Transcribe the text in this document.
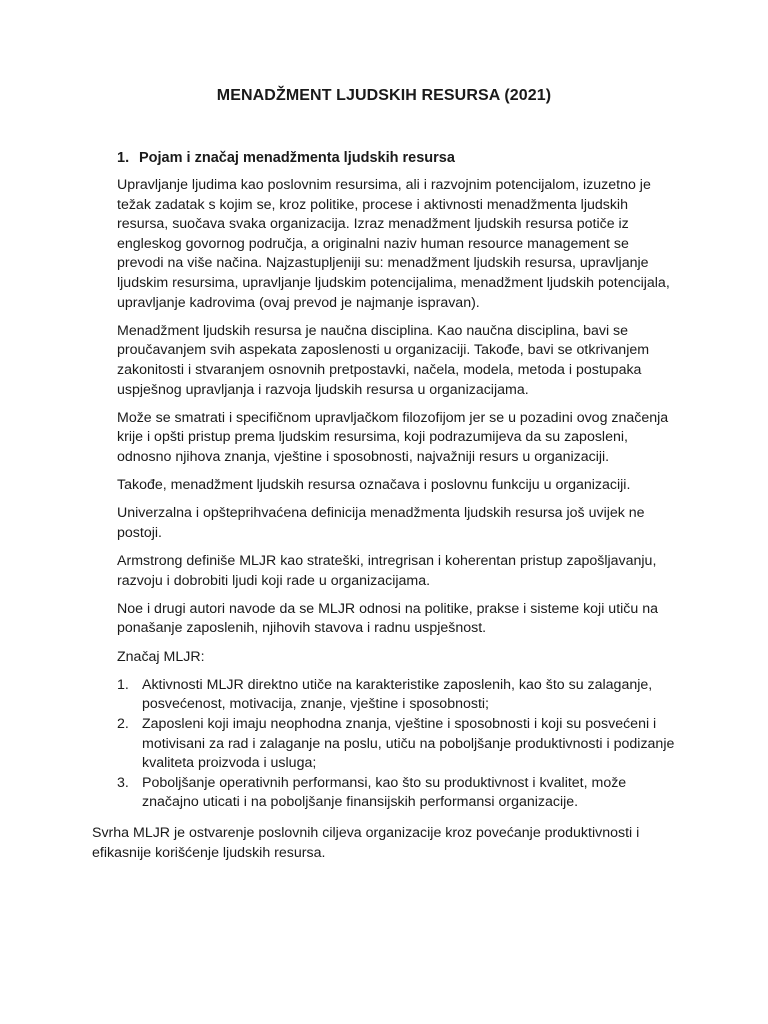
MENADŽMENT LJUDSKIH RESURSA (2021)
1. Pojam i značaj menadžmenta ljudskih resursa

Upravljanje ljudima kao poslovnim resursima, ali i razvojnim potencijalom, izuzetno je težak zadatak s kojim se, kroz politike, procese i aktivnosti menadžmenta ljudskih resursa, suočava svaka organizacija. Izraz menadžment ljudskih resursa potiče iz engleskog govornog područja, a originalni naziv human resource management se prevodi na više načina. Najzastupljeniji su: menadžment ljudskih resursa, upravljanje ljudskim resursima, upravljanje ljudskim potencijalima, menadžment ljudskih potencijala, upravljanje kadrovima (ovaj prevod je najmanje ispravan).

Menadžment ljudskih resursa je naučna disciplina. Kao naučna disciplina, bavi se proučavanjem svih aspekata zaposlenosti u organizaciji. Takođe, bavi se otkrivanjem zakonitosti i stvaranjem osnovnih pretpostavki, načela, modela, metoda i postupaka uspješnog upravljanja i razvoja ljudskih resursa u organizacijama.

Može se smatrati i specifičnom upravljačkom filozofijom jer se u pozadini ovog značenja krije i opšti pristup prema ljudskim resursima, koji podrazumijeva da su zaposleni, odnosno njihova znanja, vještine i sposobnosti, najvažniji resurs u organizaciji.

Takođe, menadžment ljudskih resursa označava i poslovnu funkciju u organizaciji.

Univerzalna i opšteprihvaćena definicija menadžmenta ljudskih resursa još uvijek ne postoji.

Armstrong definiše MLJR kao strateški, intregrisan i koherentan pristup zapošljavanju, razvoju i dobrobiti ljudi koji rade u organizacijama.

Noe i drugi autori navode da se MLJR odnosi na politike, prakse i sisteme koji utiču na ponašanje zaposlenih, njihovih stavova i radnu uspješnost.

Značaj MLJR:

1. Aktivnosti MLJR direktno utiče na karakteristike zaposlenih, kao što su zalaganje, posvećenost, motivacija, znanje, vještine i sposobnosti;
2. Zaposleni koji imaju neophodna znanja, vještine i sposobnosti i koji su posvećeni i motivisani za rad i zalaganje na poslu, utiču na poboljšanje produktivnosti i podizanje kvaliteta proizvoda i usluga;
3. Poboljšanje operativnih performansi, kao što su produktivnost i kvalitet, može značajno uticati i na poboljšanje finansijskih performansi organizacije.

Svrha MLJR je ostvarenje poslovnih ciljeva organizacije kroz povećanje produktivnosti i efikasnije korišćenje ljudskih resursa.
